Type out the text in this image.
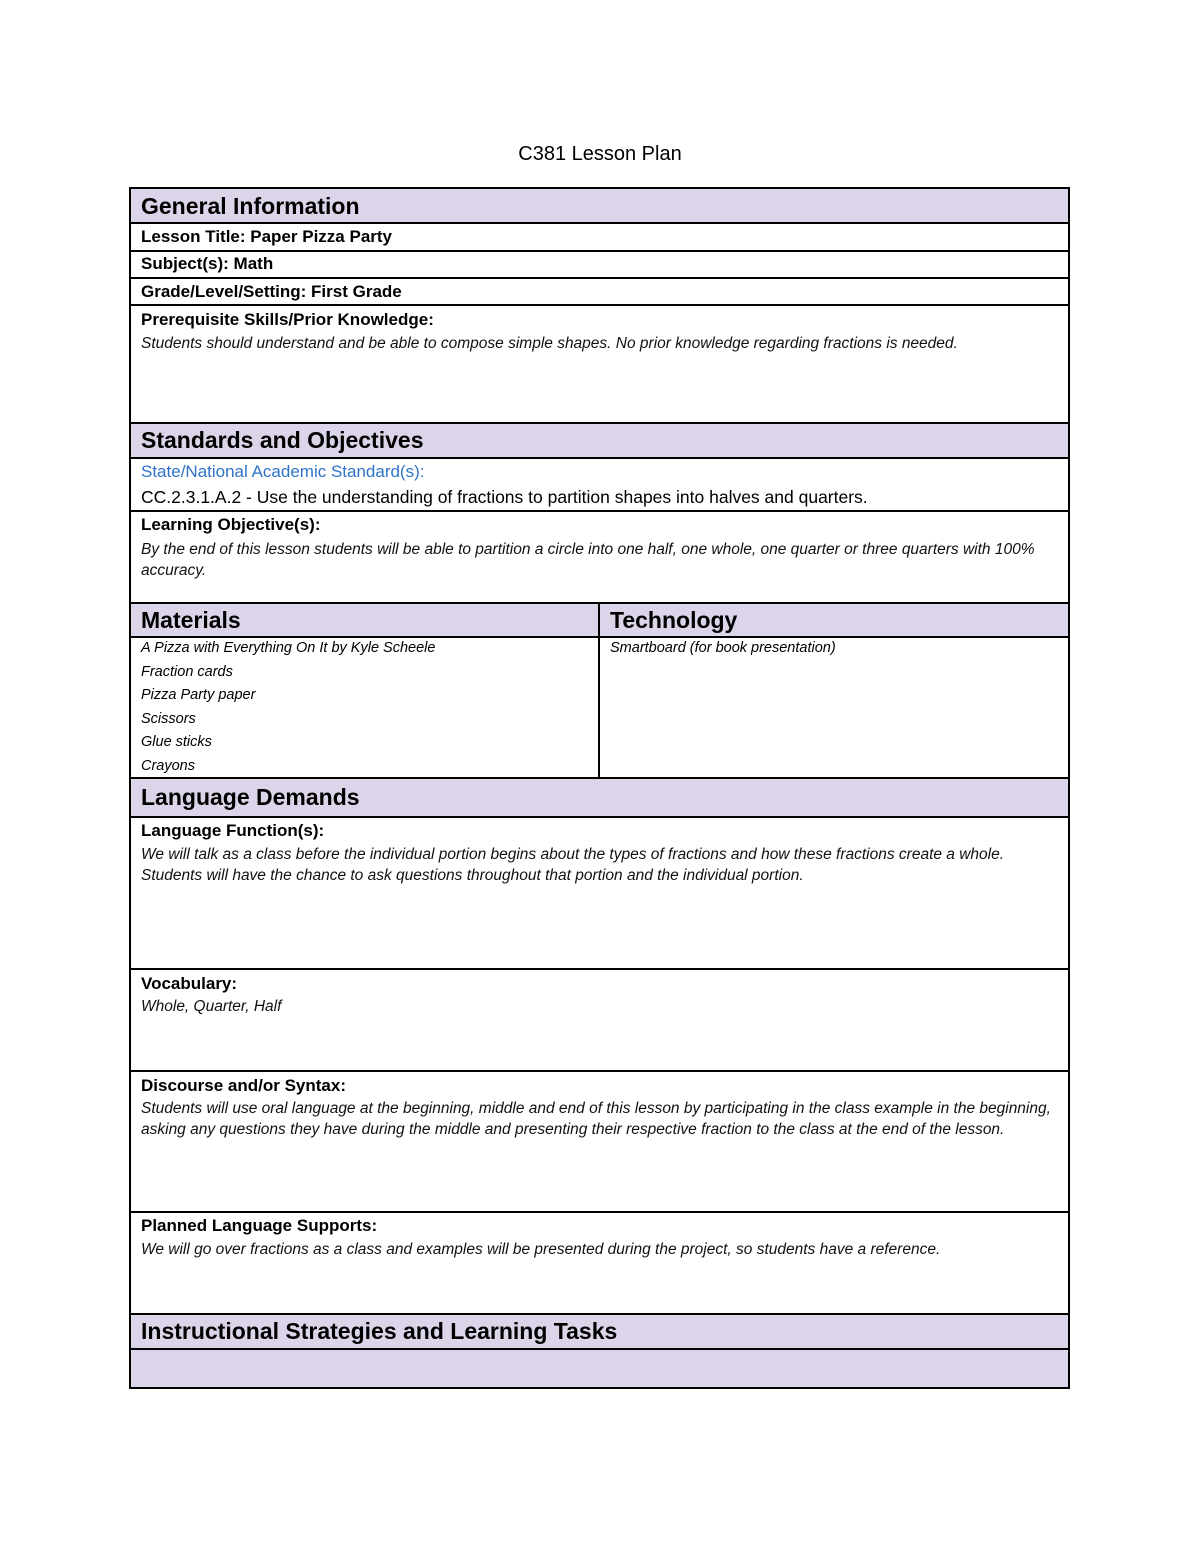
C381 Lesson Plan
General Information
Lesson Title: Paper Pizza Party
Subject(s): Math
Grade/Level/Setting: First Grade
Prerequisite Skills/Prior Knowledge:
Students should understand and be able to compose simple shapes. No prior knowledge regarding fractions is needed.
Standards and Objectives
State/National Academic Standard(s):
CC.2.3.1.A.2 - Use the understanding of fractions to partition shapes into halves and quarters.
Learning Objective(s):
By the end of this lesson students will be able to partition a circle into one half, one whole, one quarter or three quarters with 100% accuracy.
Materials	Technology
A Pizza with Everything On It by Kyle Scheele
Fraction cards
Pizza Party paper
Scissors
Glue sticks
Crayons
Smartboard (for book presentation)
Language Demands
Language Function(s):
We will talk as a class before the individual portion begins about the types of fractions and how these fractions create a whole. Students will have the chance to ask questions throughout that portion and the individual portion.
Vocabulary:
Whole, Quarter, Half
Discourse and/or Syntax:
Students will use oral language at the beginning, middle and end of this lesson by participating in the class example in the beginning, asking any questions they have during the middle and presenting their respective fraction to the class at the end of the lesson.
Planned Language Supports:
We will go over fractions as a class and examples will be presented during the project, so students have a reference.
Instructional Strategies and Learning Tasks
